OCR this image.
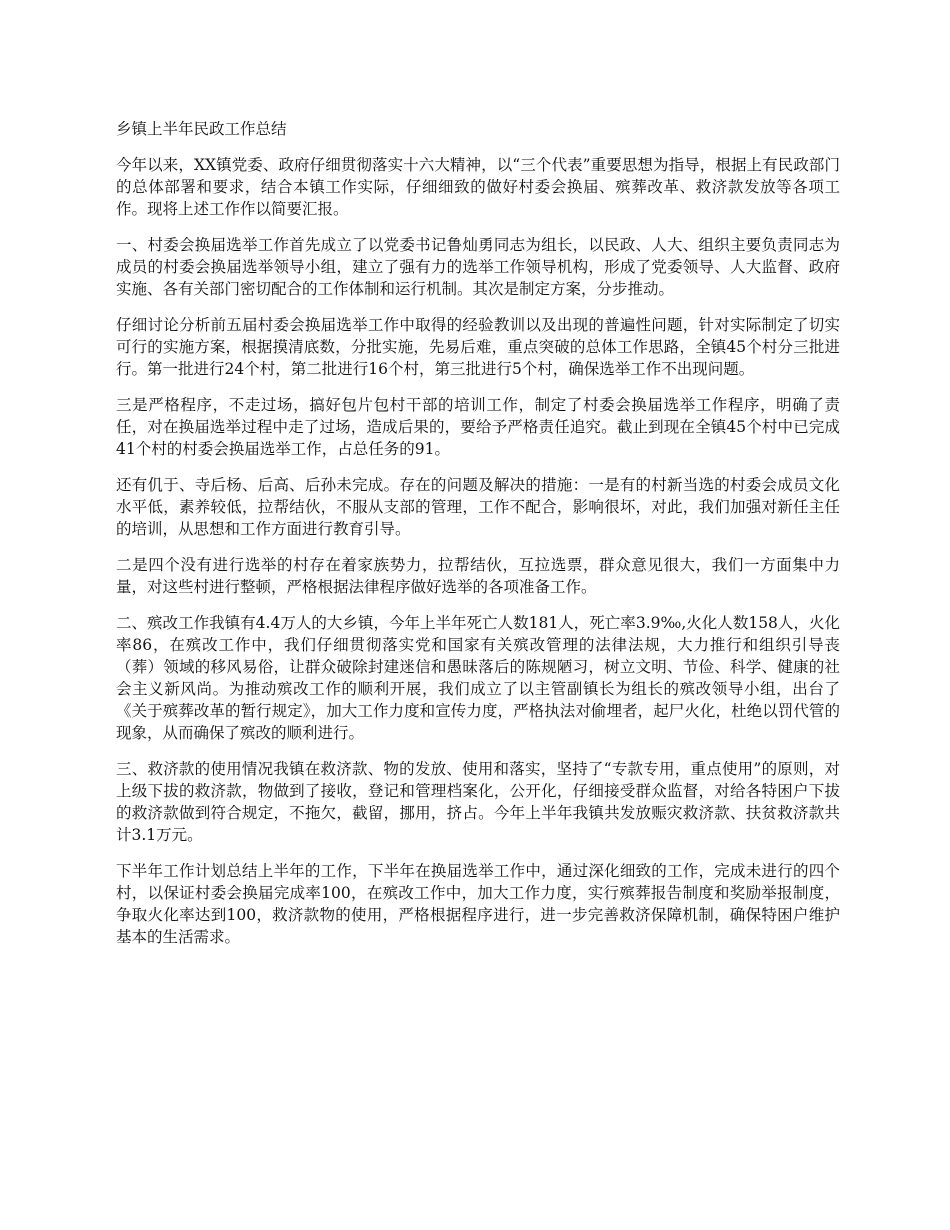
乡镇上半年民政工作总结

今年以来，XX镇党委、政府仔细贯彻落实十六大精神，以“三个代表”重要思想为指导，根据上有民政部门的总体部署和要求，结合本镇工作实际，仔细细致的做好村委会换届、殡葬改革、救济款发放等各项工作。现将上述工作作以简要汇报。

一、村委会换届选举工作首先成立了以党委书记鲁灿勇同志为组长，以民政、人大、组织主要负责同志为成员的村委会换届选举领导小组，建立了强有力的选举工作领导机构，形成了党委领导、人大监督、政府实施、各有关部门密切配合的工作体制和运行机制。其次是制定方案，分步推动。

仔细讨论分析前五届村委会换届选举工作中取得的经验教训以及出现的普遍性问题，针对实际制定了切实可行的实施方案，根据摸清底数，分批实施，先易后难，重点突破的总体工作思路，全镇45个村分三批进行。第一批进行24个村，第二批进行16个村，第三批进行5个村，确保选举工作不出现问题。

三是严格程序，不走过场，搞好包片包村干部的培训工作，制定了村委会换届选举工作程序，明确了责任，对在换届选举过程中走了过场，造成后果的，要给予严格责任追究。截止到现在全镇45个村中已完成41个村的村委会换届选举工作，占总任务的91。

还有仉于、寺后杨、后高、后孙未完成。存在的问题及解决的措施：一是有的村新当选的村委会成员文化水平低，素养较低，拉帮结伙，不服从支部的管理，工作不配合，影响很坏，对此，我们加强对新任主任的培训，从思想和工作方面进行教育引导。

二是四个没有进行选举的村存在着家族势力，拉帮结伙，互拉选票，群众意见很大，我们一方面集中力量，对这些村进行整顿，严格根据法律程序做好选举的各项准备工作。

二、殡改工作我镇有4.4万人的大乡镇，今年上半年死亡人数181人，死亡率3.9‰,火化人数158人，火化率86，在殡改工作中，我们仔细贯彻落实党和国家有关殡改管理的法律法规，大力推行和组织引导丧（葬）领域的移风易俗，让群众破除封建迷信和愚昧落后的陈规陋习，树立文明、节俭、科学、健康的社会主义新风尚。为推动殡改工作的顺利开展，我们成立了以主管副镇长为组长的殡改领导小组，出台了《关于殡葬改革的暂行规定》，加大工作力度和宣传力度，严格执法对偷埋者，起尸火化，杜绝以罚代管的现象，从而确保了殡改的顺利进行。

三、救济款的使用情况我镇在救济款、物的发放、使用和落实，坚持了“专款专用，重点使用”的原则，对上级下拔的救济款，物做到了接收，登记和管理档案化，公开化，仔细接受群众监督，对给各特困户下拔的救济款做到符合规定，不拖欠，截留，挪用，挤占。今年上半年我镇共发放赈灾救济款、扶贫救济款共计3.1万元。

下半年工作计划总结上半年的工作，下半年在换届选举工作中，通过深化细致的工作，完成未进行的四个村，以保证村委会换届完成率100，在殡改工作中，加大工作力度，实行殡葬报告制度和奖励举报制度，争取火化率达到100，救济款物的使用，严格根据程序进行，进一步完善救济保障机制，确保特困户维护基本的生活需求。
